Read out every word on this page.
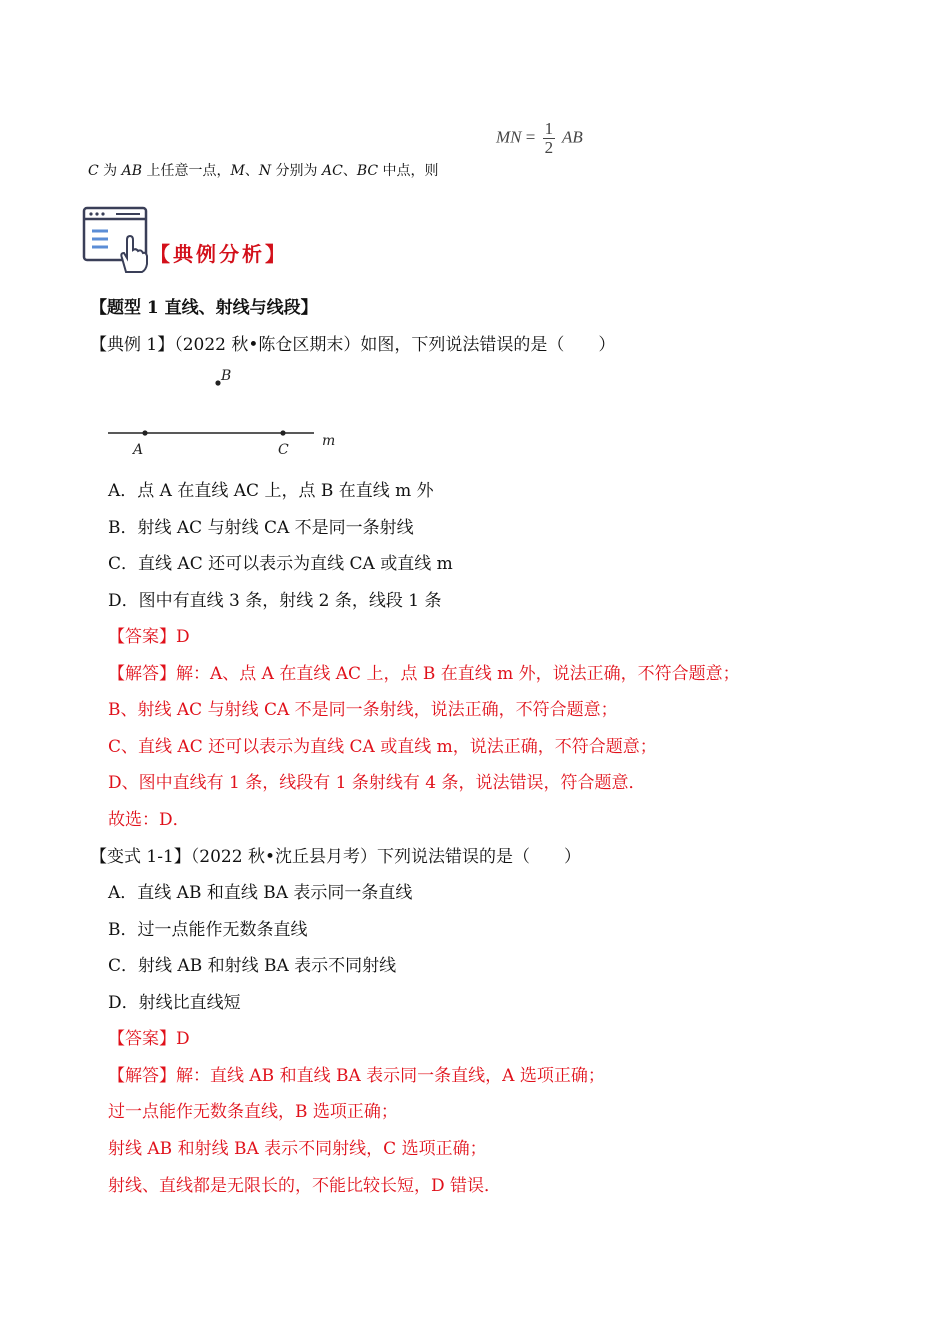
MN = $\frac{1}{2}$ AB
C 为 AB 上任意一点，M、N 分别为 AC、BC 中点，则
【典例分析】
【题型 1 直线、射线与线段】
【典例 1】（2022 秋•陈仓区期末）如图，下列说法错误的是（　　）
B
A	C
m
A．点 A 在直线 AC 上，点 B 在直线 m 外
B．射线 AC 与射线 CA 不是同一条射线
C．直线 AC 还可以表示为直线 CA 或直线 m
D．图中有直线 3 条，射线 2 条，线段 1 条
【答案】D
【解答】解：A、点 A 在直线 AC 上，点 B 在直线 m 外，说法正确，不符合题意；
B、射线 AC 与射线 CA 不是同一条射线，说法正确，不符合题意；
C、直线 AC 还可以表示为直线 CA 或直线 m，说法正确，不符合题意；
D、图中直线有 1 条，线段有 1 条射线有 4 条，说法错误，符合题意．
故选：D．
【变式 1-1】（2022 秋•沈丘县月考）下列说法错误的是（　　）
A．直线 AB 和直线 BA 表示同一条直线
B．过一点能作无数条直线
C．射线 AB 和射线 BA 表示不同射线
D．射线比直线短
【答案】D
【解答】解：直线 AB 和直线 BA 表示同一条直线，A 选项正确；
过一点能作无数条直线，B 选项正确；
射线 AB 和射线 BA 表示不同射线，C 选项正确；
射线、直线都是无限长的，不能比较长短，D 错误．
